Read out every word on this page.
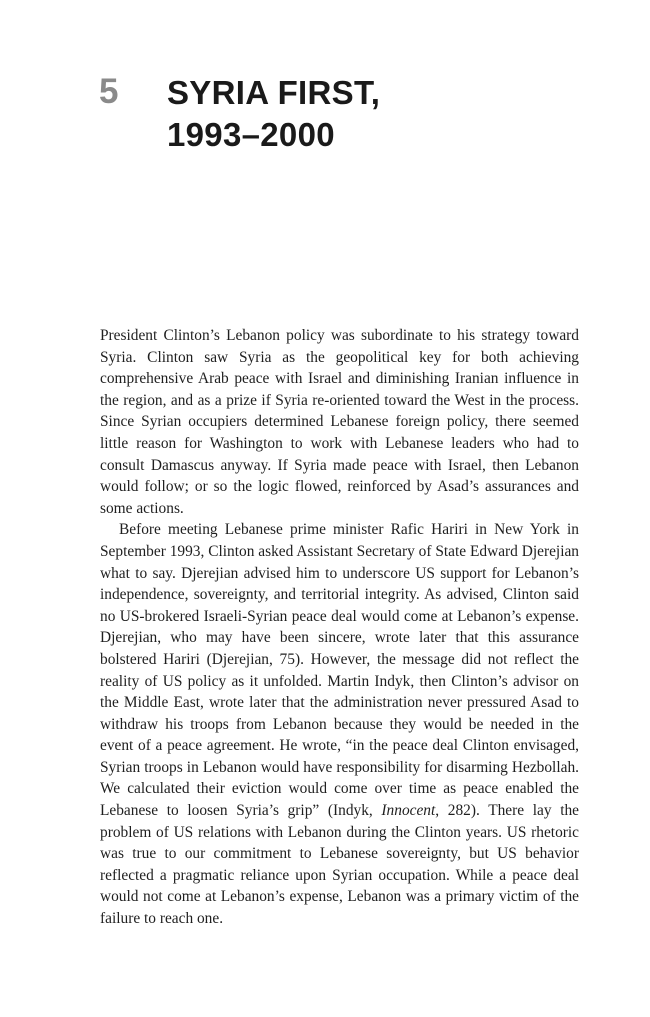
5 SYRIA FIRST,
1993–2000

President Clinton’s Lebanon policy was subordinate to his strategy toward Syria. Clinton saw Syria as the geopolitical key for both achieving comprehensive Arab peace with Israel and diminishing Iranian influence in the region, and as a prize if Syria re-oriented toward the West in the process. Since Syrian occupiers determined Lebanese foreign policy, there seemed little reason for Washington to work with Lebanese leaders who had to consult Damascus anyway. If Syria made peace with Israel, then Lebanon would follow; or so the logic flowed, reinforced by Asad’s assurances and some actions.

Before meeting Lebanese prime minister Rafic Hariri in New York in September 1993, Clinton asked Assistant Secretary of State Edward Djerejian what to say. Djerejian advised him to underscore US support for Lebanon’s independence, sovereignty, and territorial integrity. As advised, Clinton said no US-brokered Israeli-Syrian peace deal would come at Lebanon’s expense. Djerejian, who may have been sincere, wrote later that this assurance bolstered Hariri (Djerejian, 75). However, the message did not reflect the reality of US policy as it unfolded. Martin Indyk, then Clinton’s advisor on the Middle East, wrote later that the administration never pressured Asad to withdraw his troops from Lebanon because they would be needed in the event of a peace agreement. He wrote, “in the peace deal Clinton envisaged, Syrian troops in Lebanon would have responsibility for disarming Hezbollah. We calculated their eviction would come over time as peace enabled the Lebanese to loosen Syria’s grip” (Indyk, Innocent, 282). There lay the problem of US relations with Lebanon during the Clinton years. US rhetoric was true to our commitment to Lebanese sovereignty, but US behavior reflected a pragmatic reliance upon Syrian occupation. While a peace deal would not come at Lebanon’s expense, Lebanon was a primary victim of the failure to reach one.
